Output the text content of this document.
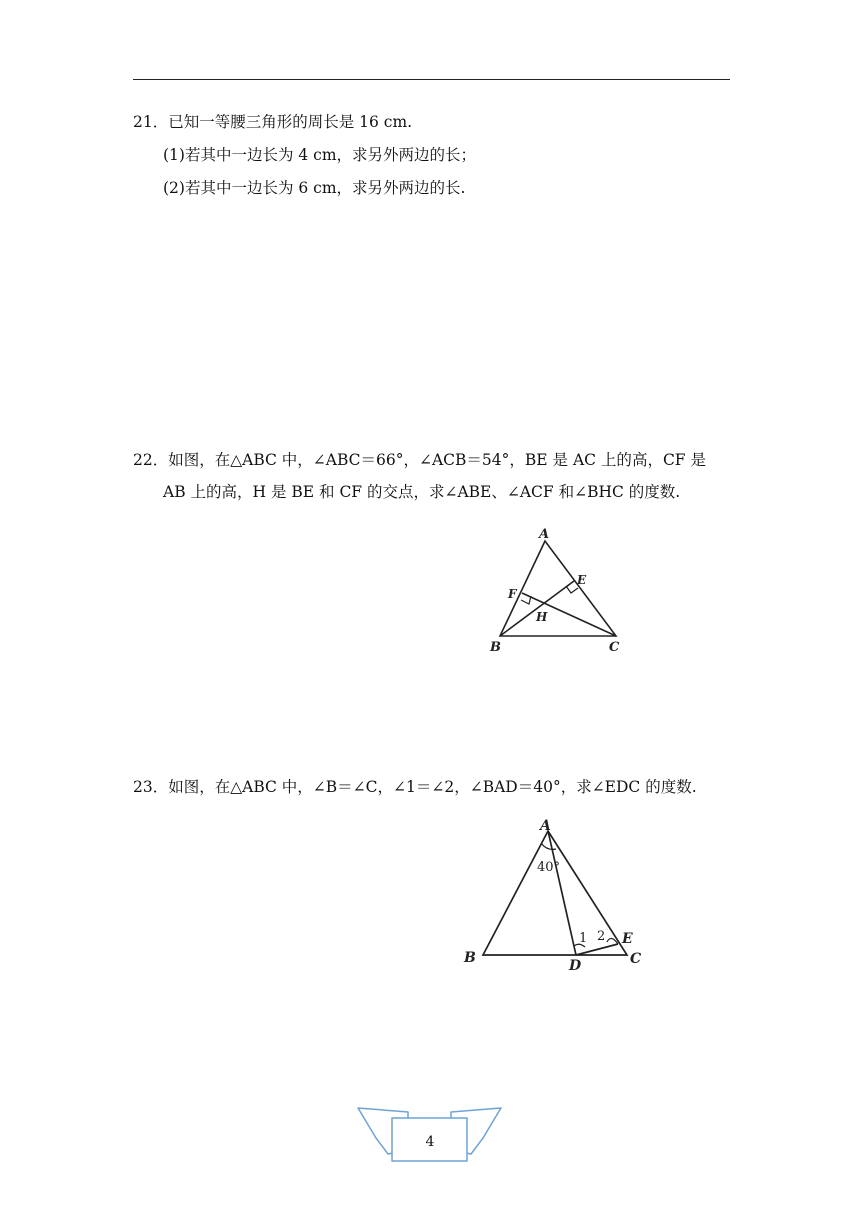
21．已知一等腰三角形的周长是 16 cm.
(1)若其中一边长为 4 cm，求另外两边的长；
(2)若其中一边长为 6 cm，求另外两边的长.
22．如图，在△ABC 中，∠ABC＝66°，∠ACB＝54°，BE 是 AC 上的高，CF 是
AB 上的高，H 是 BE 和 CF 的交点，求∠ABE、∠ACF 和∠BHC 的度数.
A
B	C
E
F
H
23．如图，在△ABC 中，∠B＝∠C，∠1＝∠2，∠BAD＝40°，求∠EDC 的度数.
A
B	C
D
E
1 2
40°
4
